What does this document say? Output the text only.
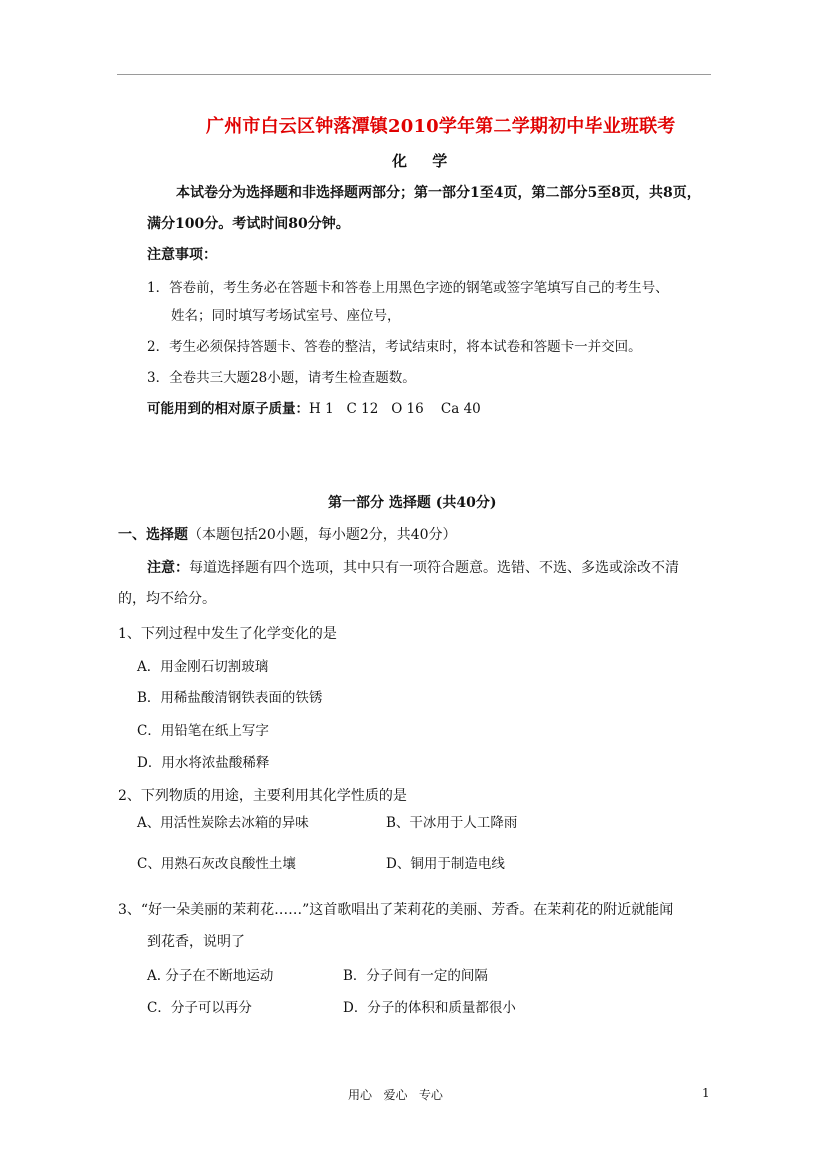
广州市白云区钟落潭镇2010学年第二学期初中毕业班联考
化 学
本试卷分为选择题和非选择题两部分；第一部分1至4页，第二部分5至8页，共8页，
满分100分。考试时间80分钟。
注意事项：
1．答卷前，考生务必在答题卡和答卷上用黑色字迹的钢笔或签字笔填写自己的考生号、
姓名；同时填写考场试室号、座位号，
2．考生必须保持答题卡、答卷的整洁，考试结束时，将本试卷和答题卡一并交回。
3．全卷共三大题28小题，请考生检查题数。
可能用到的相对原子质量：H 1   C 12   O 16    Ca 40
第一部分 选择题 (共40分)
一、选择题（本题包括20小题，每小题2分，共40分）
注意：每道选择题有四个选项，其中只有一项符合题意。选错、不选、多选或涂改不清
的，均不给分。
1、下列过程中发生了化学变化的是
A．用金刚石切割玻璃
B．用稀盐酸清钢铁表面的铁锈
C．用铅笔在纸上写字
D．用水将浓盐酸稀释
2、下列物质的用途，主要利用其化学性质的是
A、用活性炭除去冰箱的异味	B、干冰用于人工降雨
C、用熟石灰改良酸性土壤	D、铜用于制造电线
3、“好一朵美丽的茉莉花……”这首歌唱出了茉莉花的美丽、芳香。在茉莉花的附近就能闻
到花香，说明了
A. 分子在不断地运动	B．分子间有一定的间隔
C．分子可以再分	D．分子的体积和质量都很小
用心   爱心   专心	1
